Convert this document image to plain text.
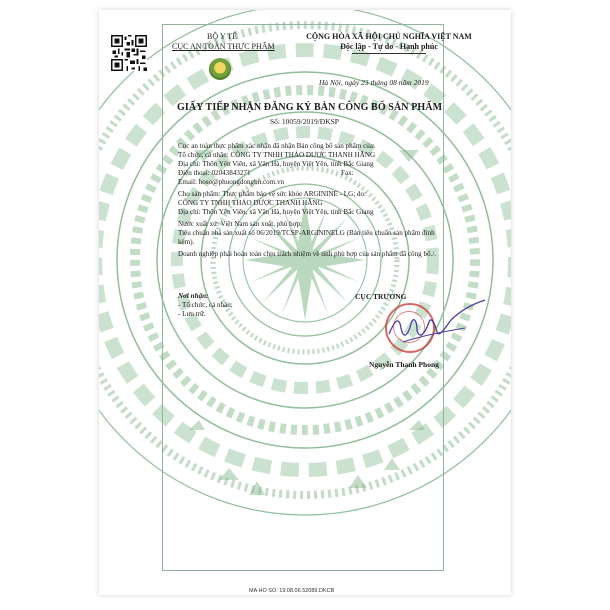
BỘ Y TẾ
CỤC AN TOÀN THỰC PHẨM
CỘNG HÒA XÃ HỘI CHỦ NGHĨA VIỆT NAM
Độc lập - Tự do - Hạnh phúc
Hà Nội, ngày 23 tháng 08 năm 2019
GIẤY TIẾP NHẬN ĐĂNG KÝ BẢN CÔNG BỐ SẢN PHẨM
Số: 10059/2019/ĐKSP
Cục an toàn thực phẩm xác nhận đã nhận Bản công bố sản phẩm của:
Tổ chức, cá nhân: CÔNG TY TNHH THẢO DƯỢC THANH HẰNG
Địa chỉ: Thôn Yên Viên, xã Vân Hà, huyện Việt Yên, tỉnh Bắc Giang
Điện thoại: 02043843271	Fax:
Email: hoso@phuongdongbn.com.vn
Cho sản phẩm: Thực phẩm bảo vệ sức khỏe ARGININE - LG; do:
CÔNG TY TNHH THẢO DƯỢC THANH HẰNG
Địa chỉ: Thôn Yên Viên, xã Vân Hà, huyện Việt Yên, tỉnh Bắc Giang
Nước xuất xứ: Việt Nam sản xuất, phù hợp:
Tiêu chuẩn nhà sản xuất số 06/2019/TCSP-ARGININELG (Bản tiêu chuẩn sản phẩm đính
kèm).
Doanh nghiệp phải hoàn toàn chịu trách nhiệm về tính phù hợp của sản phẩm đã công bố./.
Nơi nhận:
- Tổ chức, cá nhân;
- Lưu trữ.
CỤC TRƯỞNG
Nguyễn Thanh Phong
MA HO SO: 19.08.06.52089.DKCB
